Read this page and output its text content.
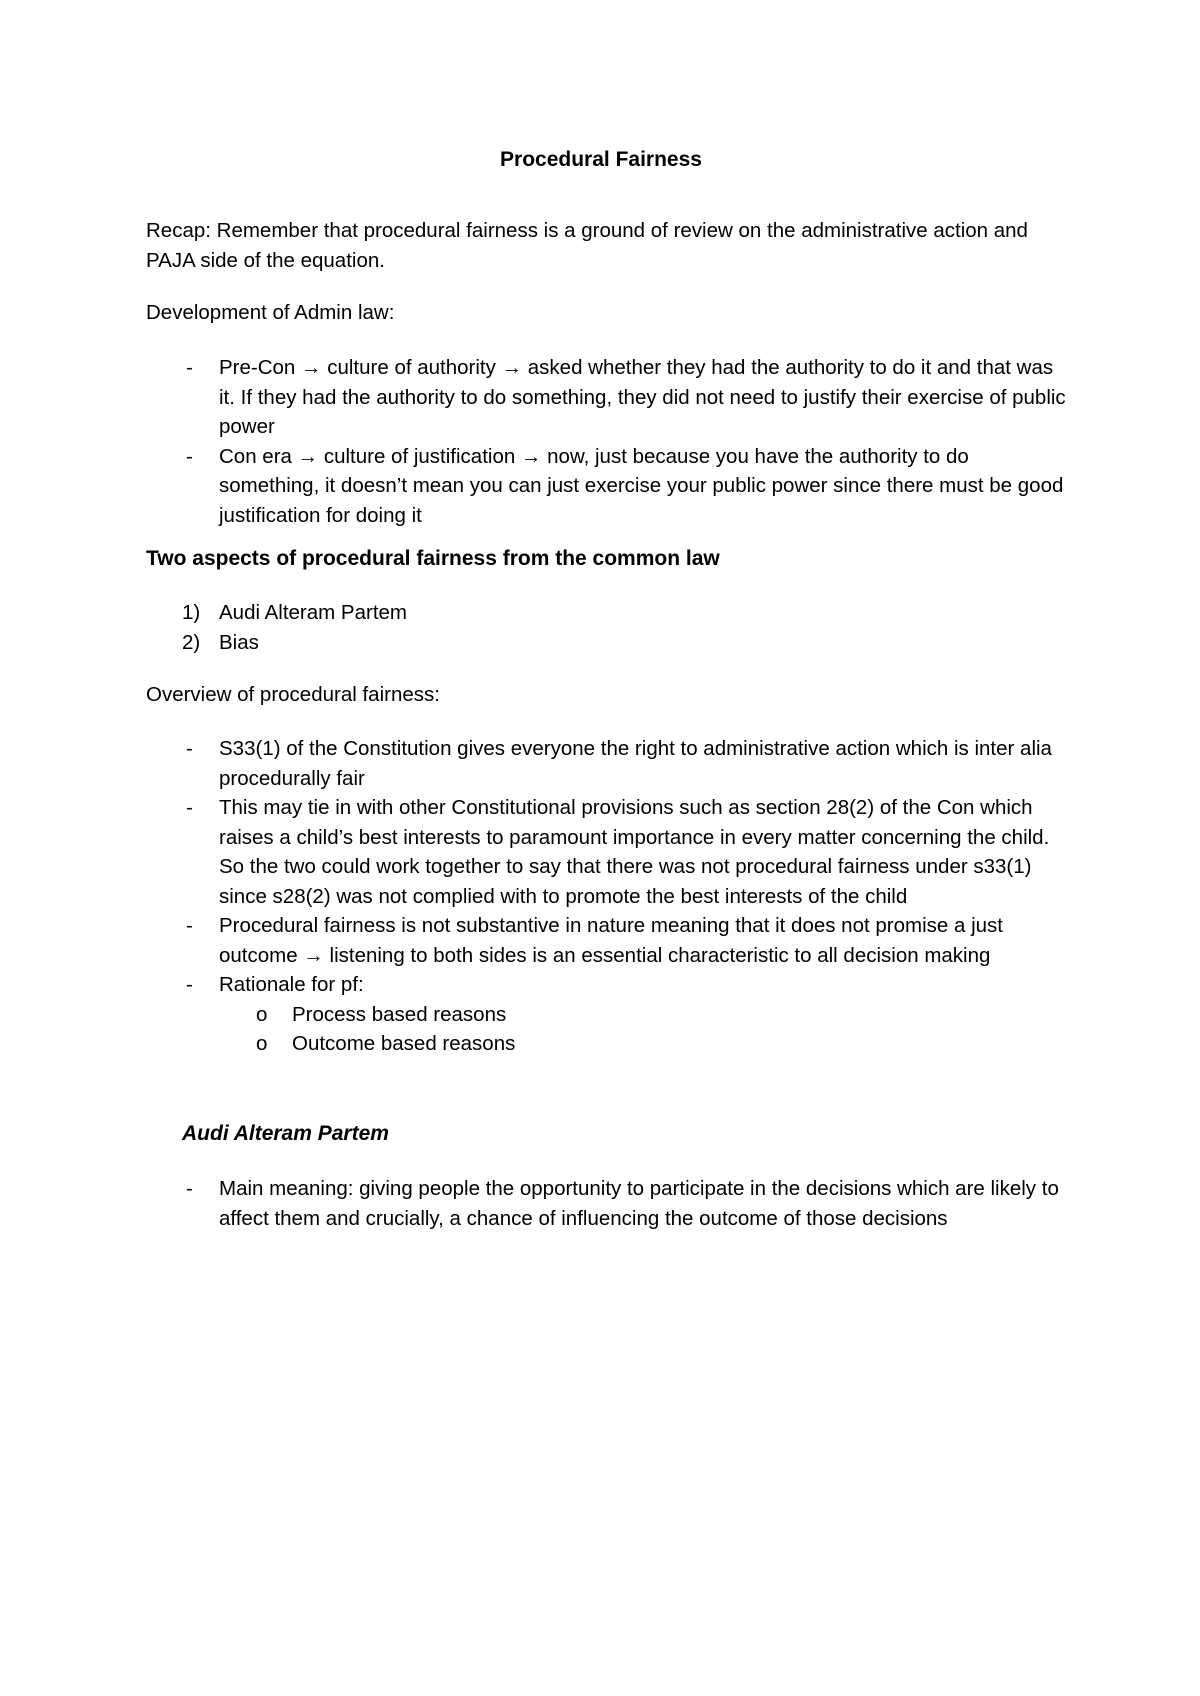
Procedural Fairness

Recap: Remember that procedural fairness is a ground of review on the administrative action and PAJA side of the equation.

Development of Admin law:

- Pre-Con → culture of authority → asked whether they had the authority to do it and that was it. If they had the authority to do something, they did not need to justify their exercise of public power
- Con era → culture of justification → now, just because you have the authority to do something, it doesn’t mean you can just exercise your public power since there must be good justification for doing it

Two aspects of procedural fairness from the common law

1) Audi Alteram Partem
2) Bias

Overview of procedural fairness:

- S33(1) of the Constitution gives everyone the right to administrative action which is inter alia procedurally fair
- This may tie in with other Constitutional provisions such as section 28(2) of the Con which raises a child’s best interests to paramount importance in every matter concerning the child. So the two could work together to say that there was not procedural fairness under s33(1) since s28(2) was not complied with to promote the best interests of the child
- Procedural fairness is not substantive in nature meaning that it does not promise a just outcome → listening to both sides is an essential characteristic to all decision making
- Rationale for pf:
o Process based reasons
o Outcome based reasons

Audi Alteram Partem

- Main meaning: giving people the opportunity to participate in the decisions which are likely to affect them and crucially, a chance of influencing the outcome of those decisions
